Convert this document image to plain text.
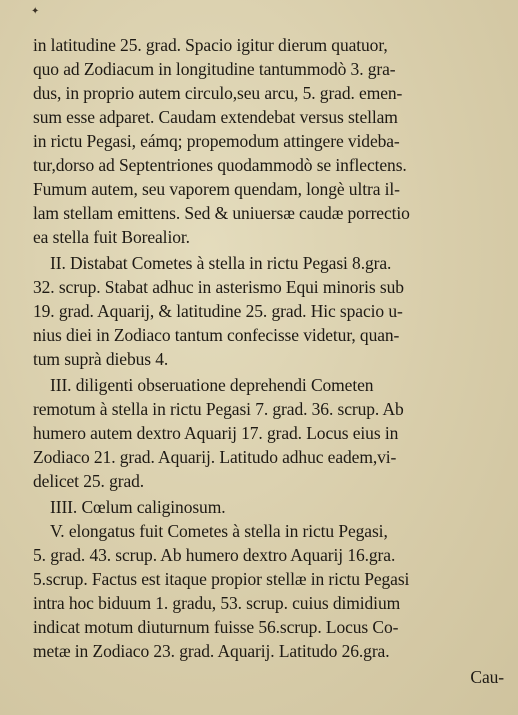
✦
in latitudine 25. grad. Spacio igitur dierum quatuor,
quo ad Zodiacum in longitudine tantummodò 3. gra-
dus, in proprio autem circulo,seu arcu, 5. grad. emen-
sum esse adparet. Caudam extendebat versus stellam
in rictu Pegasi, eámq; propemodum attingere videba-
tur,dorso ad Septentriones quodammodò se inflectens.
Fumum autem, seu vaporem quendam, longè ultra il-
lam stellam emittens. Sed & uniuersæ caudæ porrectio
ea stella fuit Borealior.
II. Distabat Cometes à stella in rictu Pegasi 8.gra.
32. scrup. Stabat adhuc in asterismo Equi minoris sub
19. grad. Aquarij, & latitudine 25. grad. Hic spacio u-
nius diei in Zodiaco tantum confecisse videtur, quan-
tum suprà diebus 4.
III. diligenti obseruatione deprehendi Cometen
remotum à stella in rictu Pegasi 7. grad. 36. scrup. Ab
humero autem dextro Aquarij 17. grad. Locus eius in
Zodiaco 21. grad. Aquarij. Latitudo adhuc eadem,vi-
delicet 25. grad.
IIII. Cœlum caliginosum.
V. elongatus fuit Cometes à stella in rictu Pegasi,
5. grad. 43. scrup. Ab humero dextro Aquarij 16.gra.
5.scrup. Factus est itaque propior stellæ in rictu Pegasi
intra hoc biduum 1. gradu, 53. scrup. cuius dimidium
indicat motum diuturnum fuisse 56.scrup. Locus Co-
metæ in Zodiaco 23. grad. Aquarij. Latitudo 26.gra.
Cau-
